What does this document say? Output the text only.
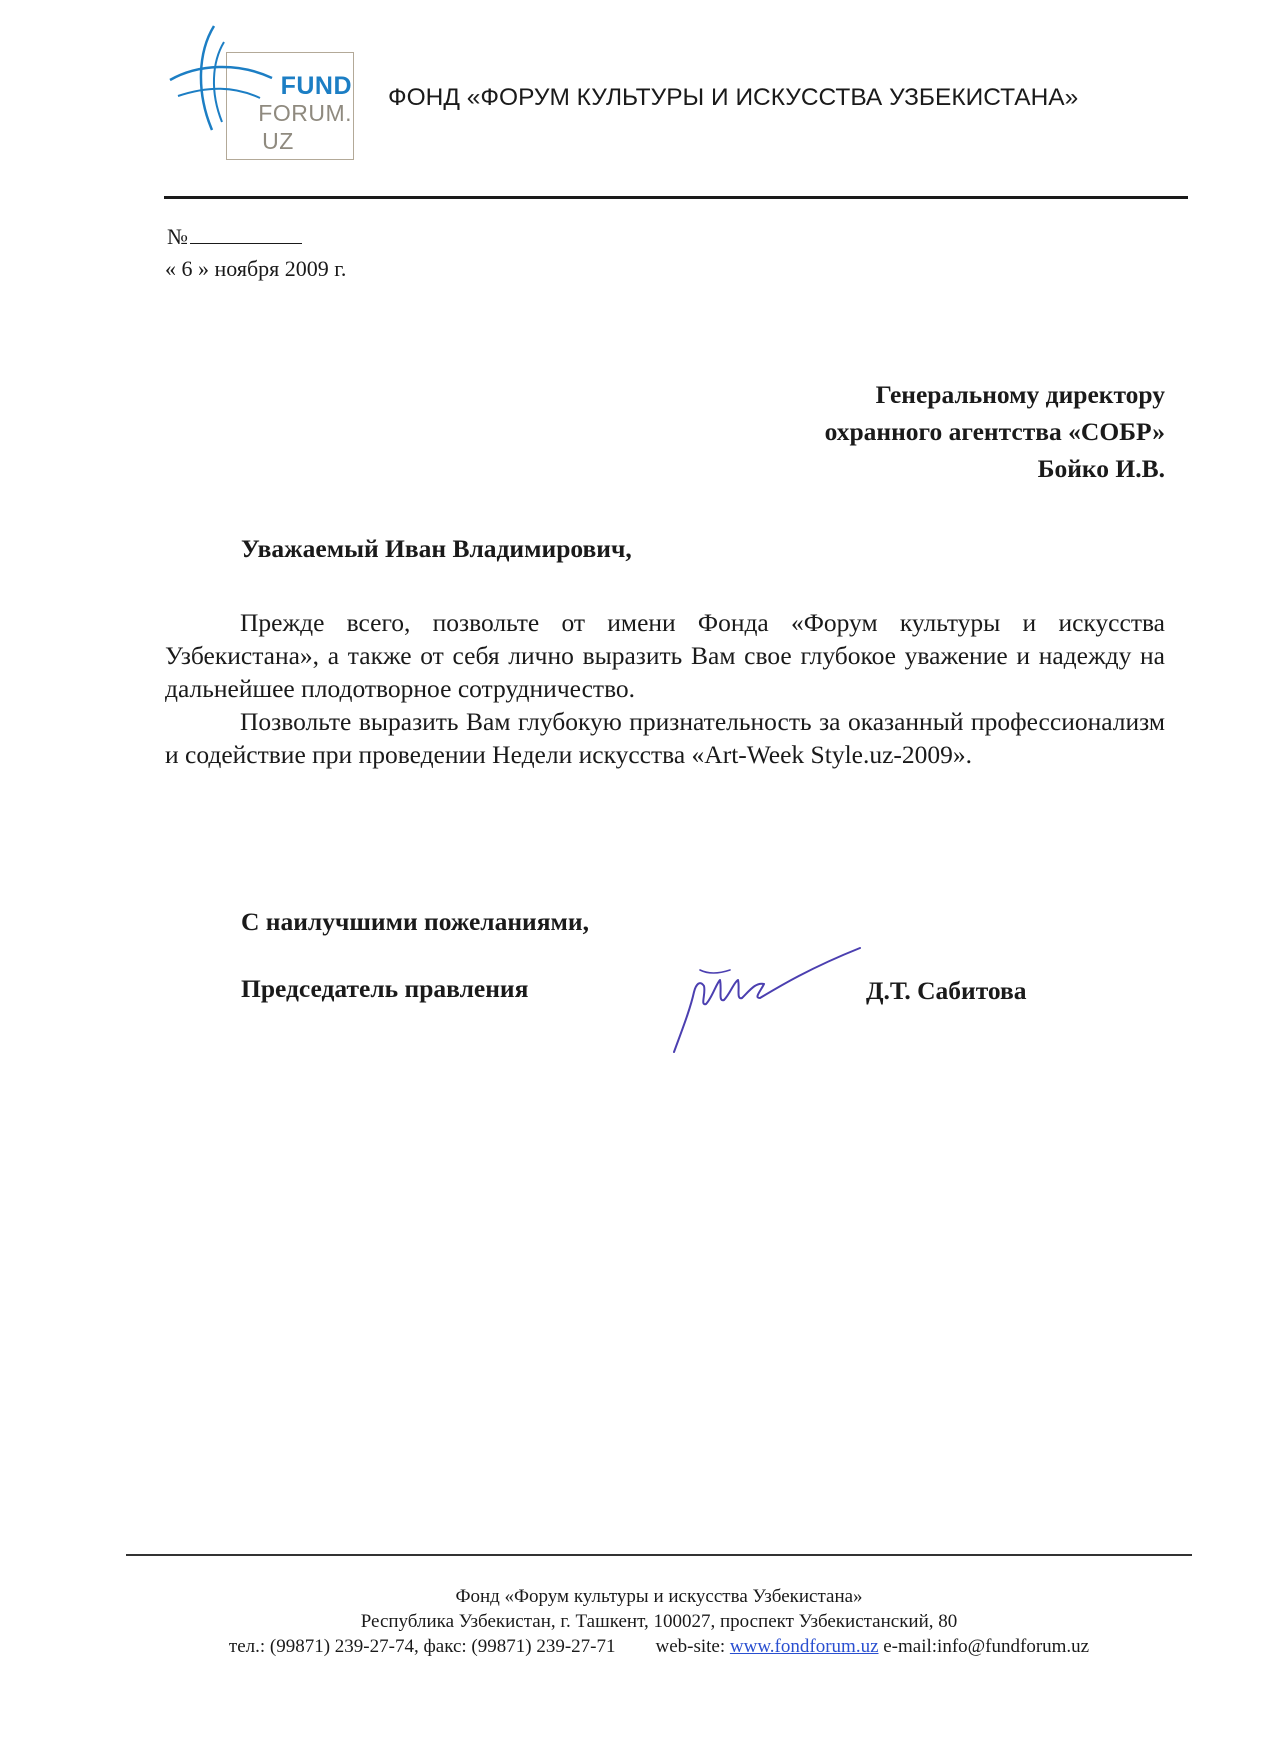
FUND
FORUM.
UZ
ФОНД «ФОРУМ КУЛЬТУРЫ И ИСКУССТВА УЗБЕКИСТАНА»
№
« 6 » ноября 2009 г.
Генеральному директору
охранного агентства «СОБР»
Бойко И.В.
Уважаемый Иван Владимирович,

Прежде всего, позвольте от имени Фонда «Форум культуры и искусства Узбекистана», а также от себя лично выразить Вам свое глубокое уважение и надежду на дальнейшее плодотворное сотрудничество.

Позвольте выразить Вам глубокую признательность за оказанный профессионализм и содействие при проведении Недели искусства «Art-Week Style.uz-2009».

С наилучшими пожеланиями,
Председатель правления	Д.Т. Сабитова
Фонд «Форум культуры и искусства Узбекистана»
Республика Узбекистан, г. Ташкент, 100027, проспект Узбекистанский, 80
тел.: (99871) 239-27-74, факс: (99871) 239-27-71 web-site: www.fondforum.uz e-mail:info@fundforum.uz
